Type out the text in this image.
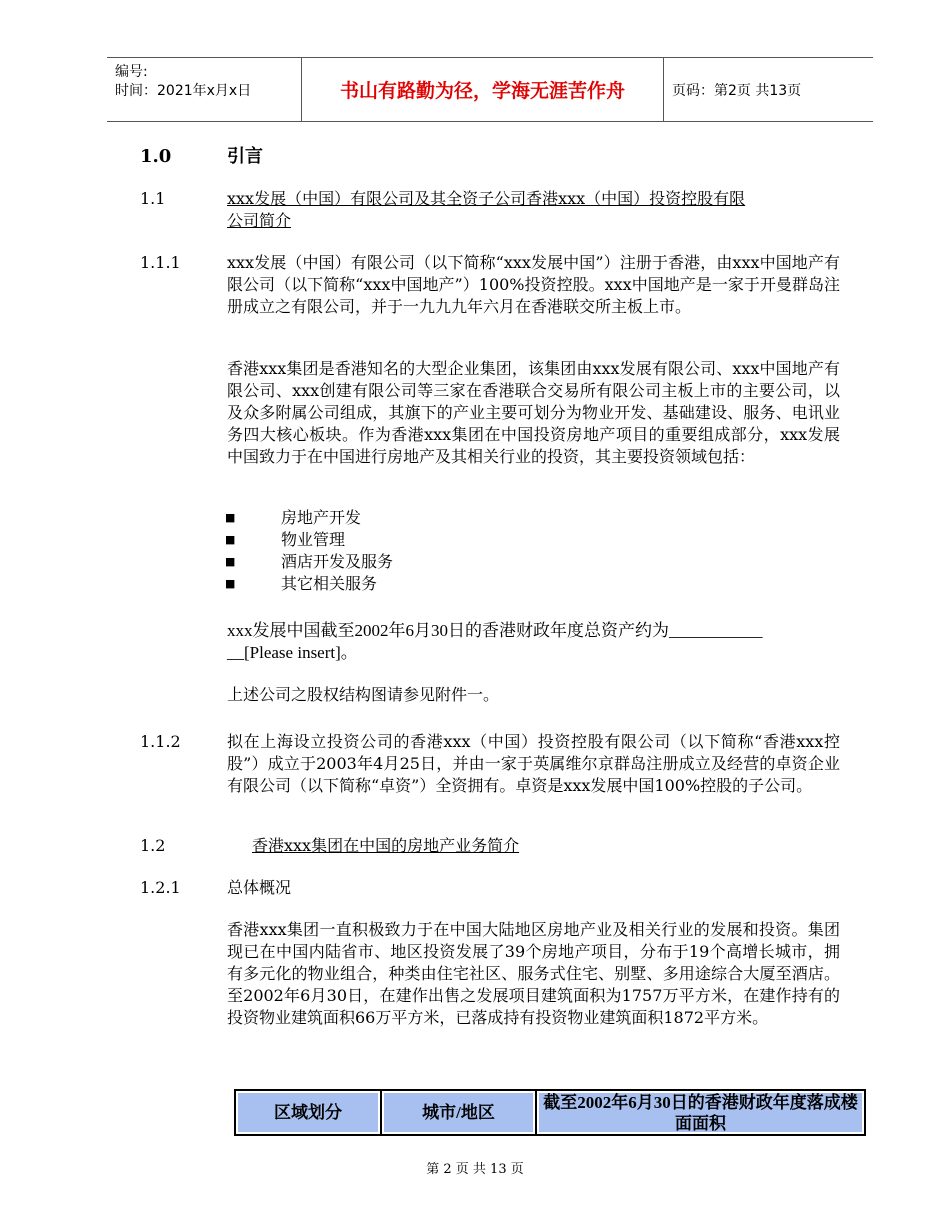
编号:
时间：2021年x月x日	书山有路勤为径，学海无涯苦作舟	页码：第2页 共13页
1.0	引言
1.1	xxx发展（中国）有限公司及其全资子公司香港xxx（中国）投资控股有限
公司简介
1.1.1	xxx发展（中国）有限公司（以下简称“xxx发展中国”）注册于香港，由xxx中国地产有限公司（以下简称“xxx中国地产”）100%投资控股。xxx中国地产是一家于开曼群岛注册成立之有限公司，并于一九九九年六月在香港联交所主板上市。
香港xxx集团是香港知名的大型企业集团，该集团由xxx发展有限公司、xxx中国地产有限公司、xxx创建有限公司等三家在香港联合交易所有限公司主板上市的主要公司，以及众多附属公司组成，其旗下的产业主要可划分为物业开发、基础建设、服务、电讯业务四大核心板块。作为香港xxx集团在中国投资房地产项目的重要组成部分，xxx发展中国致力于在中国进行房地产及其相关行业的投资，其主要投资领域包括：
■	房地产开发
■	物业管理
■	酒店开发及服务
■	其它相关服务
xxx发展中国截至2002年6月30日的香港财政年度总资产约为___________
__[Please insert]。
上述公司之股权结构图请参见附件一。
1.1.2	拟在上海设立投资公司的香港xxx（中国）投资控股有限公司（以下简称“香港xxx控股”）成立于2003年4月25日，并由一家于英属维尔京群岛注册成立及经营的卓资企业有限公司（以下简称“卓资”）全资拥有。卓资是xxx发展中国100%控股的子公司。
1.2	香港xxx集团在中国的房地产业务简介
1.2.1	总体概况
香港xxx集团一直积极致力于在中国大陆地区房地产业及相关行业的发展和投资。集团现已在中国内陆省市、地区投资发展了39个房地产项目，分布于19个高增长城市，拥有多元化的物业组合，种类由住宅社区、服务式住宅、别墅、多用途综合大厦至酒店。至2002年6月30日，在建作出售之发展项目建筑面积为1757万平方米，在建作持有的投资物业建筑面积66万平方米，已落成持有投资物业建筑面积1872平方米。
区域划分	城市/地区	截至2002年6月30日的香港财政年度落成楼面面积
第 2 页 共 13 页
